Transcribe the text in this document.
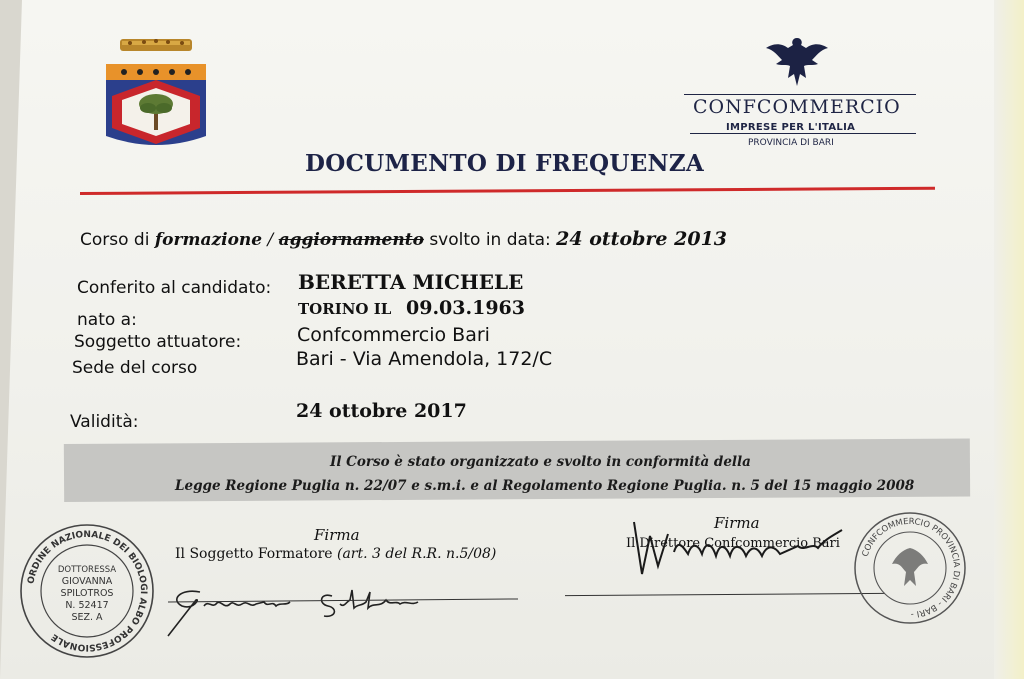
CONFCOMMERCIO
IMPRESE PER L'ITALIA
PROVINCIA DI BARI
DOCUMENTO DI FREQUENZA
Corso di formazione / aggiornamento svolto in data: 24 ottobre 2013
Conferito al candidato: BERETTA MICHELE
nato a:
TORINO IL 09.03.1963
Soggetto attuatore:	Confcommercio Bari
Sede del corso	Bari - Via Amendola, 172/C
Validità:	24 ottobre 2017
Il Corso è stato organizzato e svolto in conformità della
Legge Regione Puglia n. 22/07 e s.m.i. e al Regolamento Regione Puglia. n. 5 del 15 maggio 2008
Firma
Il Soggetto Formatore (art. 3 del R.R. n.5/08)
Firma
Il Direttore Confcommercio Bari
ORDINE NAZIONALE DEI BIOLOGI ALBO PROFESSIONALE
DOTTORESSA
GIOVANNA
SPILOTROS
N. 52417
SEZ. A
CONFCOMMERCIO PROVINCIA DI BARI - BARI -
